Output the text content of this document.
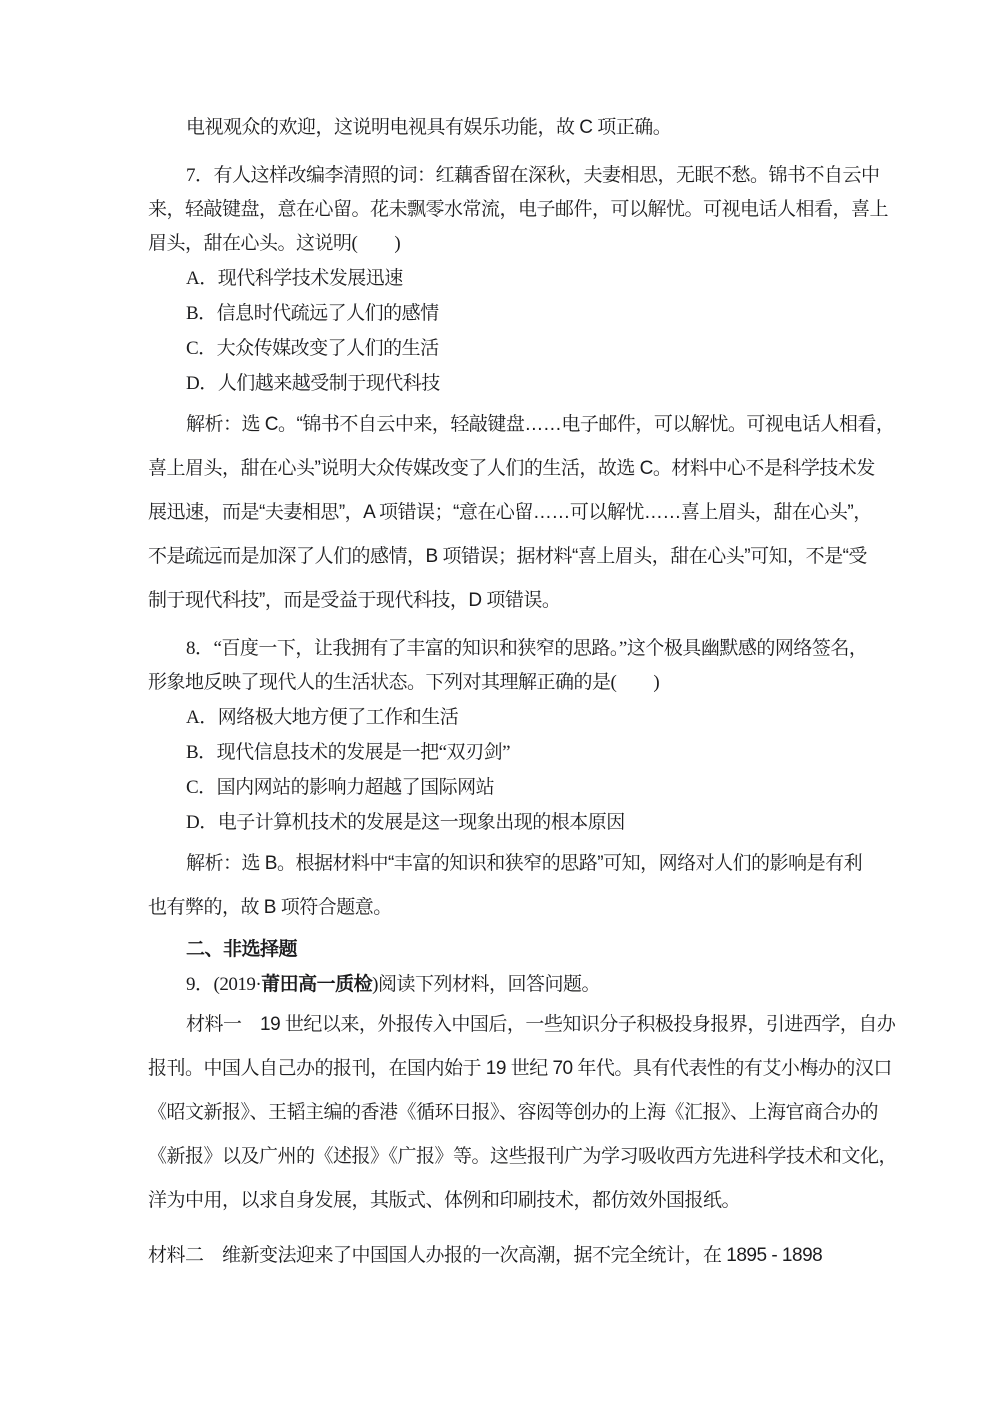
电视观众的欢迎，这说明电视具有娱乐功能，故 C 项正确。
7．有人这样改编李清照的词：红藕香留在深秋，夫妻相思，无眠不愁。锦书不自云中
来，轻敲键盘，意在心留。花未飘零水常流，电子邮件，可以解忧。可视电话人相看，喜上
眉头，甜在心头。这说明(　　)
A．现代科学技术发展迅速
B．信息时代疏远了人们的感情
C．大众传媒改变了人们的生活
D．人们越来越受制于现代科技
解析：选 C。“锦书不自云中来，轻敲键盘……电子邮件，可以解忧。可视电话人相看，
喜上眉头，甜在心头”说明大众传媒改变了人们的生活，故选 C。材料中心不是科学技术发
展迅速，而是“夫妻相思”，A 项错误；“意在心留……可以解忧……喜上眉头，甜在心头”，
不是疏远而是加深了人们的感情，B 项错误；据材料“喜上眉头，甜在心头”可知，不是“受
制于现代科技”，而是受益于现代科技，D 项错误。
8．“百度一下，让我拥有了丰富的知识和狭窄的思路。”这个极具幽默感的网络签名，
形象地反映了现代人的生活状态。下列对其理解正确的是(　　)
A．网络极大地方便了工作和生活
B．现代信息技术的发展是一把“双刃剑”
C．国内网站的影响力超越了国际网站
D．电子计算机技术的发展是这一现象出现的根本原因
解析：选 B。根据材料中“丰富的知识和狭窄的思路”可知，网络对人们的影响是有利
也有弊的，故 B 项符合题意。
二、非选择题
9．(2019·莆田高一质检)阅读下列材料，回答问题。
材料一　19 世纪以来，外报传入中国后，一些知识分子积极投身报界，引进西学，自办
报刊。中国人自己办的报刊，在国内始于 19 世纪 70 年代。具有代表性的有艾小梅办的汉口
《昭文新报》、王韬主编的香港《循环日报》、容闳等创办的上海《汇报》、上海官商合办的
《新报》以及广州的《述报》《广报》等。这些报刊广为学习吸收西方先进科学技术和文化，
洋为中用，以求自身发展，其版式、体例和印刷技术，都仿效外国报纸。
材料二　维新变法迎来了中国国人办报的一次高潮，据不完全统计，在 1895 - 1898
